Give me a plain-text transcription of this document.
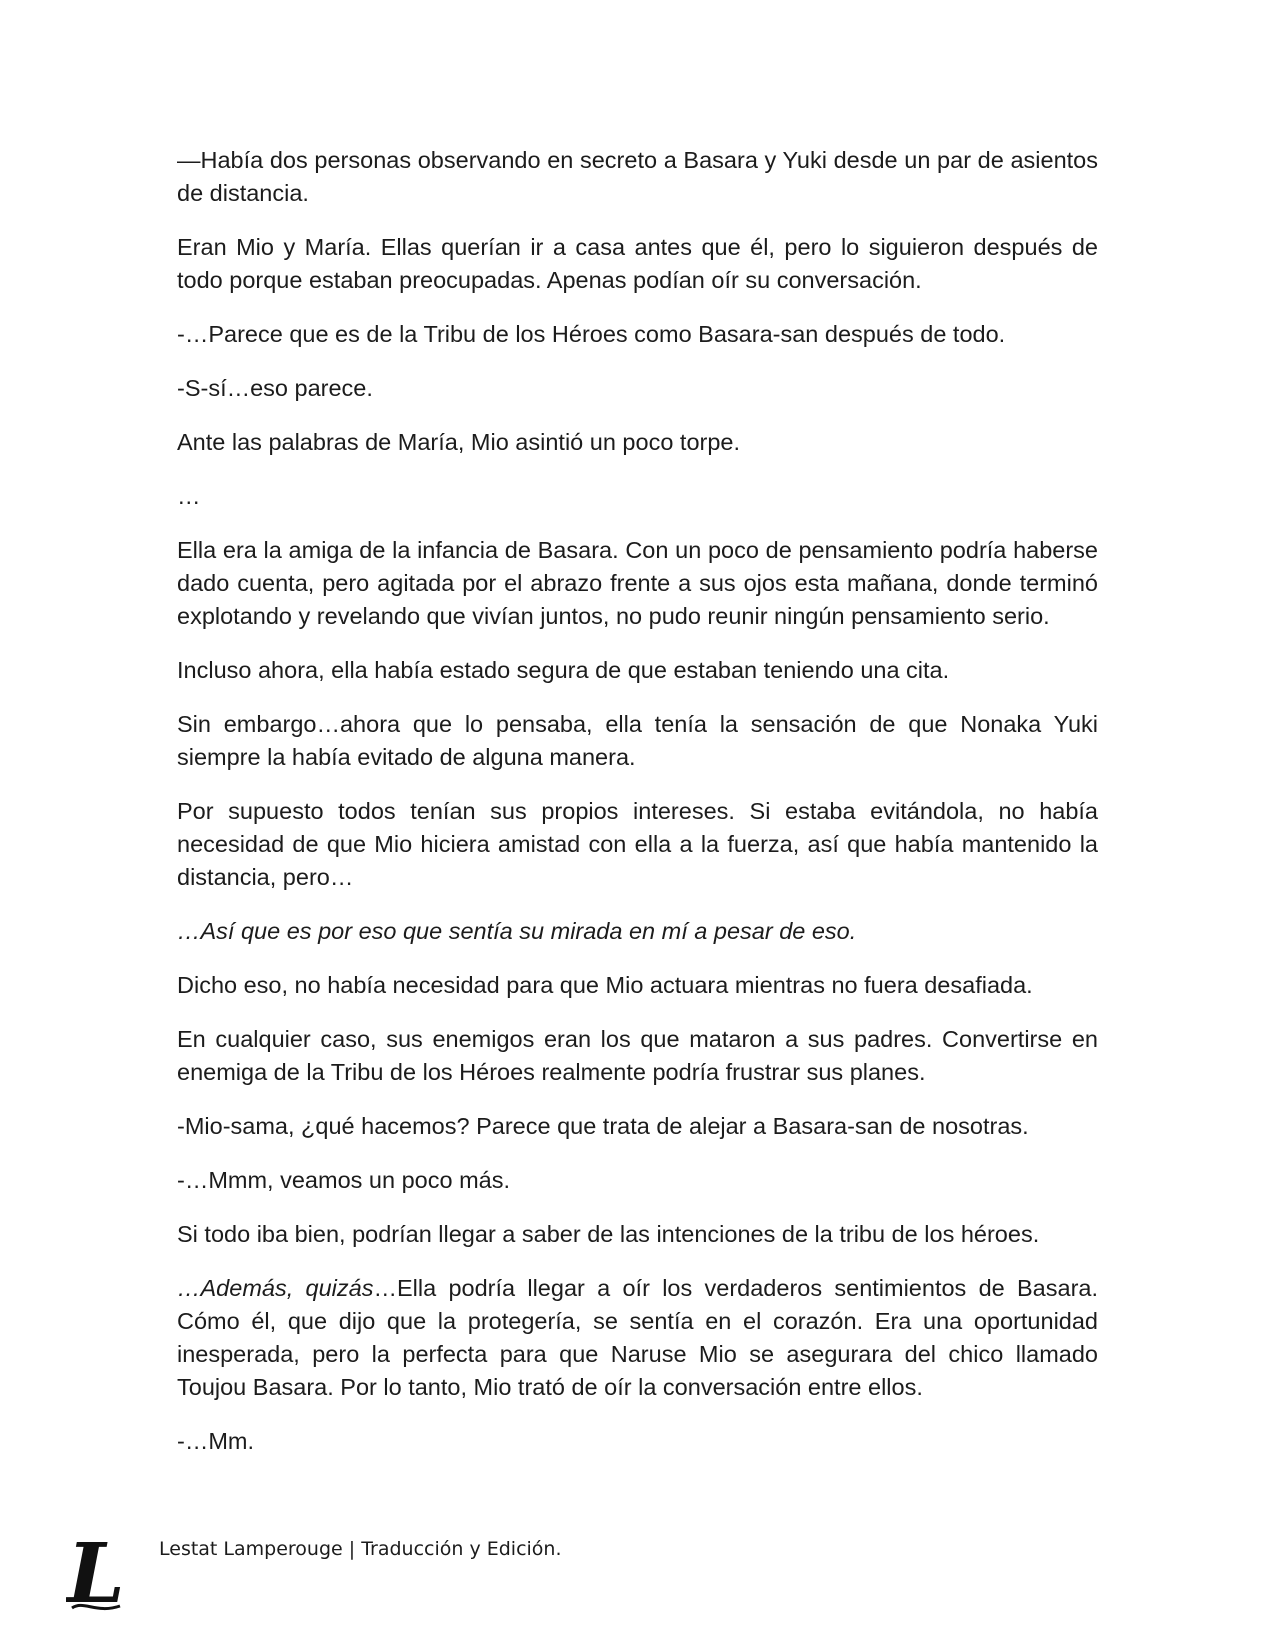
—Había dos personas observando en secreto a Basara y Yuki desde un par de asientos de distancia.

Eran Mio y María. Ellas querían ir a casa antes que él, pero lo siguieron después de todo porque estaban preocupadas. Apenas podían oír su conversación.

-…Parece que es de la Tribu de los Héroes como Basara-san después de todo.

-S-sí…eso parece.

Ante las palabras de María, Mio asintió un poco torpe.

…

Ella era la amiga de la infancia de Basara. Con un poco de pensamiento podría haberse dado cuenta, pero agitada por el abrazo frente a sus ojos esta mañana, donde terminó explotando y revelando que vivían juntos, no pudo reunir ningún pensamiento serio.

Incluso ahora, ella había estado segura de que estaban teniendo una cita.

Sin embargo…ahora que lo pensaba, ella tenía la sensación de que Nonaka Yuki siempre la había evitado de alguna manera.

Por supuesto todos tenían sus propios intereses. Si estaba evitándola, no había necesidad de que Mio hiciera amistad con ella a la fuerza, así que había mantenido la distancia, pero…

…Así que es por eso que sentía su mirada en mí a pesar de eso.

Dicho eso, no había necesidad para que Mio actuara mientras no fuera desafiada.

En cualquier caso, sus enemigos eran los que mataron a sus padres. Convertirse en enemiga de la Tribu de los Héroes realmente podría frustrar sus planes.

-Mio-sama, ¿qué hacemos? Parece que trata de alejar a Basara-san de nosotras.

-…Mmm, veamos un poco más.

Si todo iba bien, podrían llegar a saber de las intenciones de la tribu de los héroes.

…Además, quizás…Ella podría llegar a oír los verdaderos sentimientos de Basara. Cómo él, que dijo que la protegería, se sentía en el corazón. Era una oportunidad inesperada, pero la perfecta para que Naruse Mio se asegurara del chico llamado Toujou Basara. Por lo tanto, Mio trató de oír la conversación entre ellos.

-…Mm.

L Lestat Lamperouge | Traducción y Edición.
